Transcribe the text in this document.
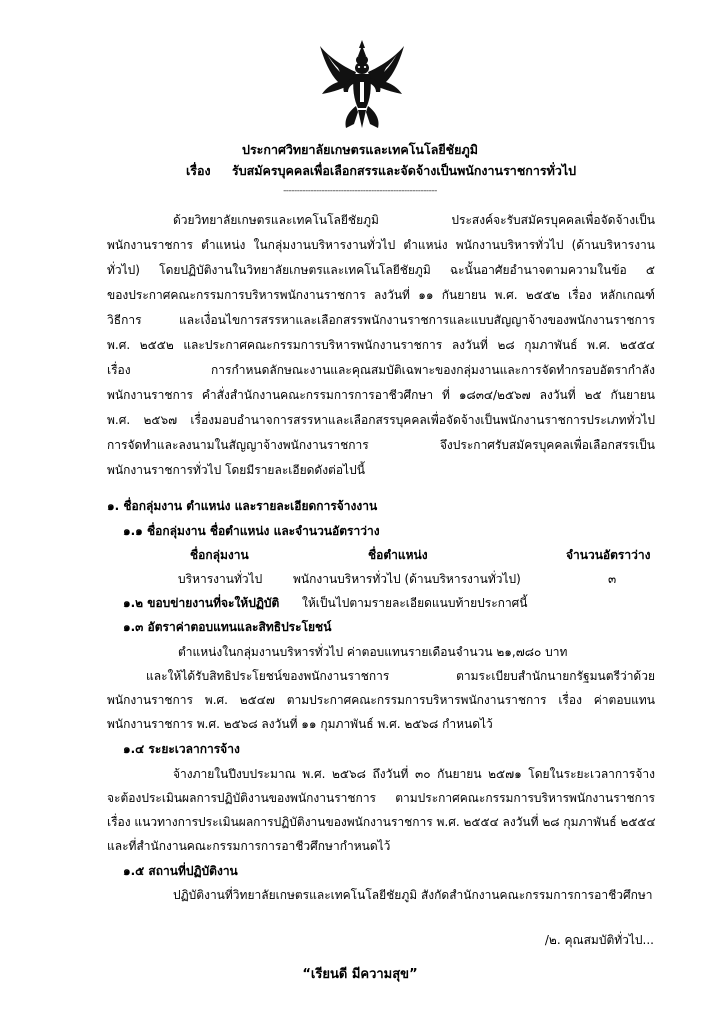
ประกาศวิทยาลัยเกษตรและเทคโนโลยีชัยภูมิ
เรื่อง รับสมัครบุคคลเพื่อเลือกสรรและจัดจ้างเป็นพนักงานราชการทั่วไป
--------------------------------------------------------
ด้วยวิทยาลัยเกษตรและเทคโนโลยีชัยภูมิ ประสงค์จะรับสมัครบุคคลเพื่อจัดจ้างเป็น
พนักงานราชการ ตำแหน่ง ในกลุ่มงานบริหารงานทั่วไป ตำแหน่ง พนักงานบริหารทั่วไป (ด้านบริหารงาน
ทั่วไป) โดยปฏิบัติงานในวิทยาลัยเกษตรและเทคโนโลยีชัยภูมิ ฉะนั้นอาศัยอำนาจตามความในข้อ ๕
ของประกาศคณะกรรมการบริหารพนักงานราชการ ลงวันที่ ๑๑ กันยายน พ.ศ. ๒๕๕๒ เรื่อง หลักเกณฑ์
วิธีการ และเงื่อนไขการสรรหาและเลือกสรรพนักงานราชการและแบบสัญญาจ้างของพนักงานราชการ
พ.ศ. ๒๕๕๒ และประกาศคณะกรรมการบริหารพนักงานราชการ ลงวันที่ ๒๘ กุมภาพันธ์ พ.ศ. ๒๕๕๔
เรื่อง การกำหนดลักษณะงานและคุณสมบัติเฉพาะของกลุ่มงานและการจัดทำกรอบอัตรากำลัง
พนักงานราชการ คำสั่งสำนักงานคณะกรรมการการอาชีวศึกษา ที่ ๑๘๓๔/๒๕๖๗ ลงวันที่ ๒๕ กันยายน
พ.ศ. ๒๕๖๗ เรื่องมอบอำนาจการสรรหาและเลือกสรรบุคคลเพื่อจัดจ้างเป็นพนักงานราชการประเภททั่วไป
การจัดทำและลงนามในสัญญาจ้างพนักงานราชการ จึงประกาศรับสมัครบุคคลเพื่อเลือกสรรเป็น
พนักงานราชการทั่วไป โดยมีรายละเอียดดังต่อไปนี้
๑. ชื่อกลุ่มงาน ตำแหน่ง และรายละเอียดการจ้างงาน
๑.๑ ชื่อกลุ่มงาน ชื่อตำแหน่ง และจำนวนอัตราว่าง
ชื่อกลุ่มงาน	ชื่อตำแหน่ง	จำนวนอัตราว่าง
บริหารงานทั่วไป	พนักงานบริหารทั่วไป (ด้านบริหารงานทั่วไป)	๓
๑.๒ ขอบข่ายงานที่จะให้ปฏิบัติ ให้เป็นไปตามรายละเอียดแนบท้ายประกาศนี้
๑.๓ อัตราค่าตอบแทนและสิทธิประโยชน์
ตำแหน่งในกลุ่มงานบริหารทั่วไป ค่าตอบแทนรายเดือนจำนวน ๒๑,๗๘๐ บาท
และให้ได้รับสิทธิประโยชน์ของพนักงานราชการ ตามระเบียบสำนักนายกรัฐมนตรีว่าด้วย
พนักงานราชการ พ.ศ. ๒๕๔๗ ตามประกาศคณะกรรมการบริหารพนักงานราชการ เรื่อง ค่าตอบแทน
พนักงานราชการ พ.ศ. ๒๕๖๘ ลงวันที่ ๑๑ กุมภาพันธ์ พ.ศ. ๒๕๖๘ กำหนดไว้
๑.๔ ระยะเวลาการจ้าง
จ้างภายในปีงบประมาณ พ.ศ. ๒๕๖๘ ถึงวันที่ ๓๐ กันยายน ๒๕๗๑ โดยในระยะเวลาการจ้าง
จะต้องประเมินผลการปฏิบัติงานของพนักงานราชการ ตามประกาศคณะกรรมการบริหารพนักงานราชการ
เรื่อง แนวทางการประเมินผลการปฏิบัติงานของพนักงานราชการ พ.ศ. ๒๕๕๔ ลงวันที่ ๒๘ กุมภาพันธ์ ๒๕๕๔
และที่สำนักงานคณะกรรมการการอาชีวศึกษากำหนดไว้
๑.๕ สถานที่ปฏิบัติงาน
ปฏิบัติงานที่วิทยาลัยเกษตรและเทคโนโลยีชัยภูมิ สังกัดสำนักงานคณะกรรมการการอาชีวศึกษา
/๒. คุณสมบัติทั่วไป...
“เรียนดี มีความสุข”
